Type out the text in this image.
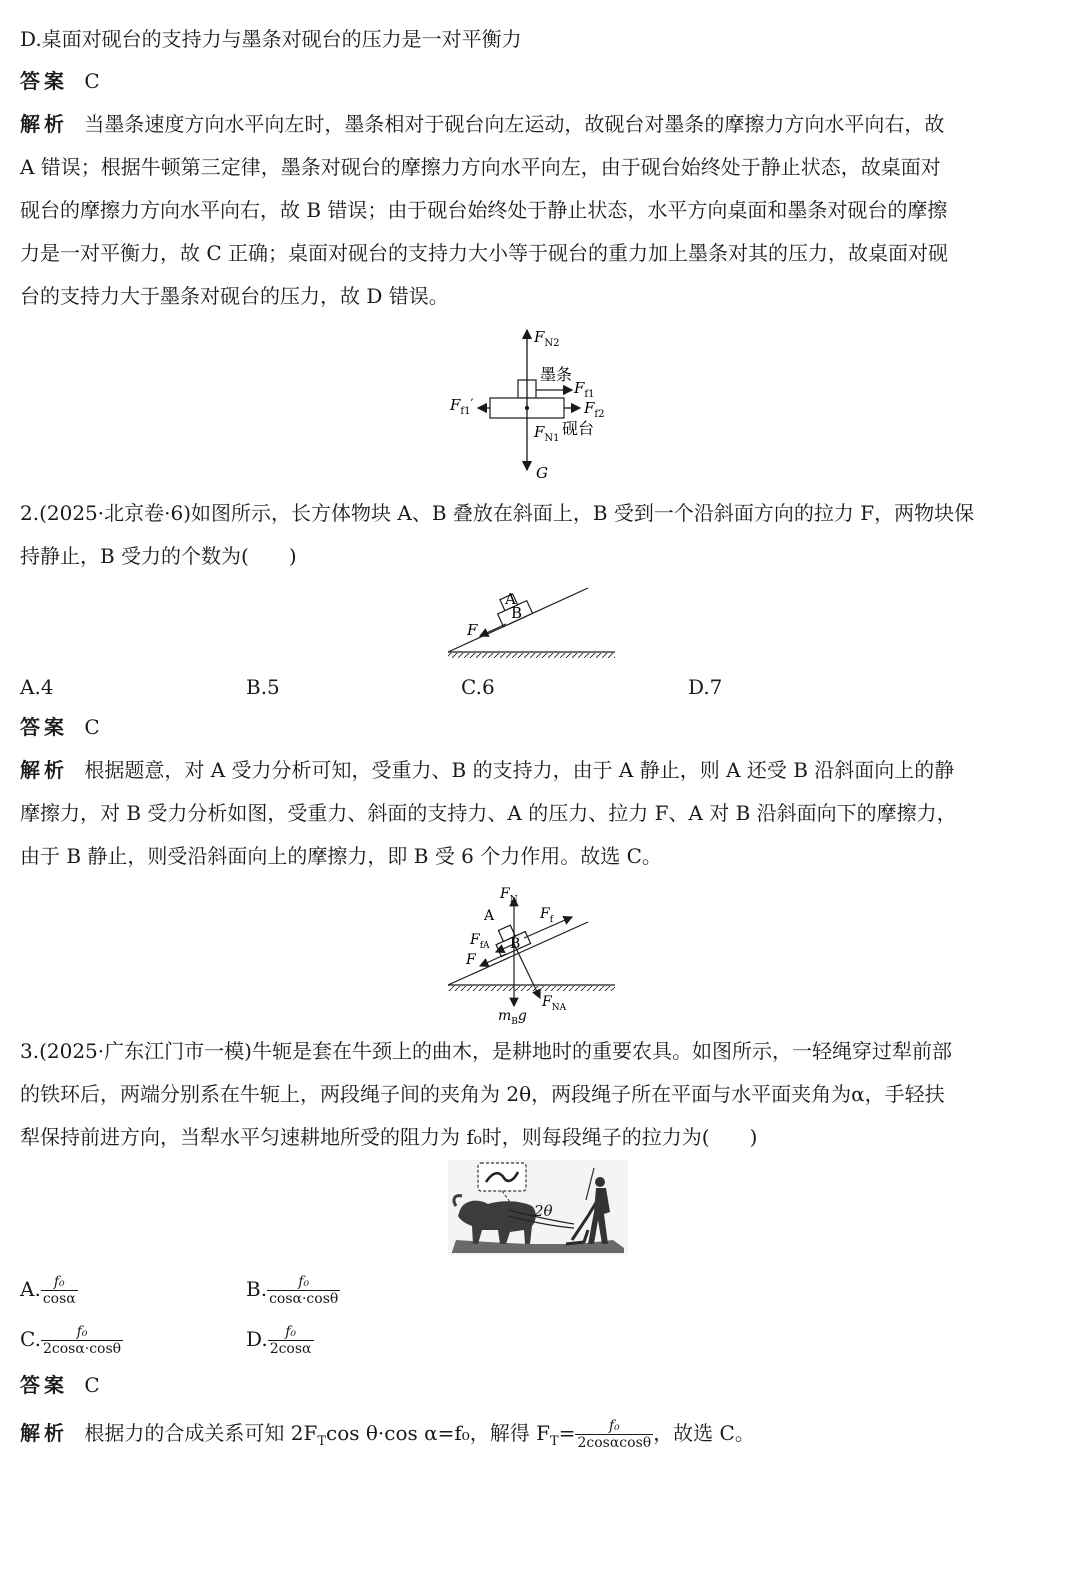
D.桌面对砚台的支持力与墨条对砚台的压力是一对平衡力
答案 C
解析 当墨条速度方向水平向左时，墨条相对于砚台向左运动，故砚台对墨条的摩擦力方向水平向右，故
A 错误；根据牛顿第三定律，墨条对砚台的摩擦力方向水平向左，由于砚台始终处于静止状态，故桌面对
砚台的摩擦力方向水平向右，故 B 错误；由于砚台始终处于静止状态，水平方向桌面和墨条对砚台的摩擦
力是一对平衡力，故 C 正确；桌面对砚台的支持力大小等于砚台的重力加上墨条对其的压力，故桌面对砚
台的支持力大于墨条对砚台的压力，故 D 错误。
$F_{N2}$
墨条
$F_{f1}$
$F_{f2}$
$F_{f1}'$
$F_{N1}$
砚台
G
2.(2025·北京卷·6)如图所示，长方体物块 A、B 叠放在斜面上，B 受到一个沿斜面方向的拉力 F，两物块保
持静止，B 受力的个数为(　　)
A
B
F
A.4	B.5	C.6	D.7
答案 C
解析 根据题意，对 A 受力分析可知，受重力、B 的支持力，由于 A 静止，则 A 还受 B 沿斜面向上的静
摩擦力，对 B 受力分析如图，受重力、斜面的支持力、A 的压力、拉力 F、A 对 B 沿斜面向下的摩擦力，
由于 B 静止，则受沿斜面向上的摩擦力，即 B 受 6 个力作用。故选 C。
$F_N$
A	$F_f$
$F_{fA}$ B
F
$m_Bg$
$F_{NA}$
3.(2025·广东江门市一模)牛轭是套在牛颈上的曲木，是耕地时的重要农具。如图所示，一轻绳穿过犁前部
的铁环后，两端分别系在牛轭上，两段绳子间的夹角为 2θ，两段绳子所在平面与水平面夹角为α，手轻扶
犁保持前进方向，当犁水平匀速耕地所受的阻力为 f₀时，则每段绳子的拉力为(　　)
2θ
A. $\frac{\text{f₀}}{\cos\alpha}$	B. $\frac{\text{f₀}}{\cos\alpha\cdot\cos\theta}$
C. $\frac{\text{f₀}}{2\cos\alpha\cdot\cos\theta}$	D. $\frac{\text{f₀}}{2\cos\alpha}$
答案 C
解析 根据力的合成关系可知 $2F_T\cos$ θ·cos α=f₀，解得 $F_T= \frac{\text{f₀}}{2\cos\alpha\cos\theta}$ ，故选 C。
